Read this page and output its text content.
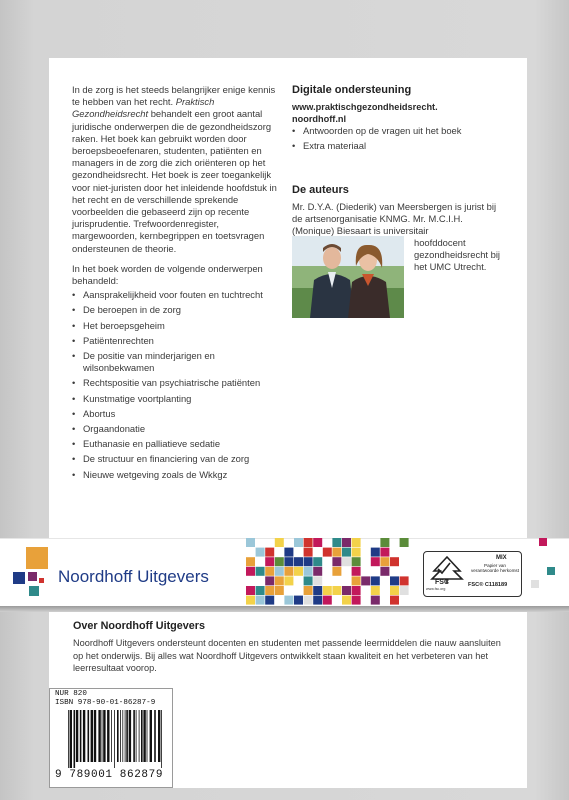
In de zorg is het steeds belangrijker enige kennis te hebben van het recht. Praktisch Gezondheidsrecht behandelt een groot aantal juridische onderwerpen die de gezondheidszorg raken. Het boek kan gebruikt worden door beroepsbeoefenaren, studenten, patiënten en managers in de zorg die zich oriënteren op het gezondheidsrecht. Het boek is zeer toegankelijk voor niet-juristen door het inleidende hoofdstuk in het recht en de verschillende sprekende voorbeelden die gebaseerd zijn op recente jurisprudentie. Trefwoordenregister, margewoorden, kernbegrippen en toetsvragen ondersteunen de theorie.

In het boek worden de volgende onderwerpen behandeld:

• Aansprakelijkheid voor fouten en tuchtrecht
• De beroepen in de zorg
• Het beroepsgeheim
• Patiëntenrechten
• De positie van minderjarigen en wilsonbekwamen
• Rechtspositie van psychiatrische patiënten
• Kunstmatige voortplanting
• Abortus
• Orgaandonatie
• Euthanasie en palliatieve sedatie
• De structuur en financiering van de zorg
• Nieuwe wetgeving zoals de Wkkgz
Digitale ondersteuning
www.praktischgezondheidsrecht.
noordhoff.nl
• Antwoorden op de vragen uit het boek
• Extra materiaal
De auteurs
Mr. D.Y.A. (Diederik) van Meersbergen is jurist bij de artsenorganisatie KNMG. Mr. M.C.I.H. (Monique) Biesaart is universitair
hoofddocent gezondheidsrecht bij het UMC Utrecht.
Noordhoff Uitgevers	FSC
MIX
Papier van verantwoorde herkomst
FSC® C118189
www.fsc.org
Over Noordhoff Uitgevers
Noordhoff Uitgevers ondersteunt docenten en studenten met passende leermiddelen die nauw aansluiten op het onderwijs. Bij alles wat Noordhoff Uitgevers ontwikkelt staan kwaliteit en het verbeteren van het leerresultaat voorop.
NUR 820
ISBN 978-90-01-86287-9
9 789001 862879
